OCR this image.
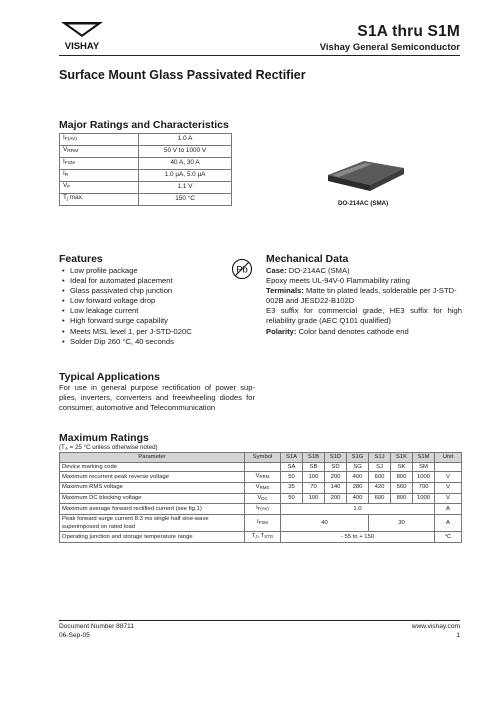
VISHAY
S1A thru S1M
Vishay General Semiconductor
Surface Mount Glass Passivated Rectifier
Major Ratings and Characteristics
$I_{F(AV)}$	1.0 A
$V_{RRM}$	50 V to 1000 V
$I_{FSM}$	40 A, 30 A
$I_R$	1.0 µA, 5.0 µA
$V_F$	1.1 V
$T_j$ max.	150 °C
DO-214AC (SMA)
Features
• Low profile package
• Ideal for automated placement
• Glass passivated chip junction
• Low forward voltage drop
• Low leakage current
• High forward surge capability
• Meets MSL level 1, per J-STD-020C
• Solder Dip 260 °C, 40 seconds
Pb
Mechanical Data

Case: DO-214AC (SMA)

Epoxy meets UL-94V-0 Flammability rating

Terminals: Matte tin plated leads, solderable per J-STD-002B and JESD22-B102D

E3 suffix for commercial grade, HE3 suffix for high reliability grade (AEC Q101 qualified)

Polarity: Color band denotes cathode end

Typical Applications
For use in general purpose rectification of power sup-plies, inverters, converters and freewheeling diodes for consumer, automotive and Telecommunication
Maximum Ratings
($T_A = 25$ °C unless otherwise noted)
Parameter	Symbol	S1A	S1B	S1D	S1G	S1J	S1K	S1M	Unit
Device marking code		SA	SB	SD	SG	SJ	SK	SM	
Maximum recurrent peak reverse voltage	$V_{RRM}$	50	100	200	400	600	800	1000	V
Maximum RMS voltage	$V_{RMS}$	35	70	140	280	420	560	700	V
Maximum DC blocking voltage	$V_{DC}$	50	100	200	400	600	800	1000	V
Maximum average forward rectified current (see fig.1)	$I_{F(AV)}$	1.0							A
Peak forward surge current 8.3 ms single half sine-wave superimposed on rated load	$I_{FSM}$	40				30			A
Operating junction and storage temperature range	$T_J$, $T_{STG}$	- 55 to + 150							°C
Document Number 88711
06-Sep-05
www.vishay.com
1
